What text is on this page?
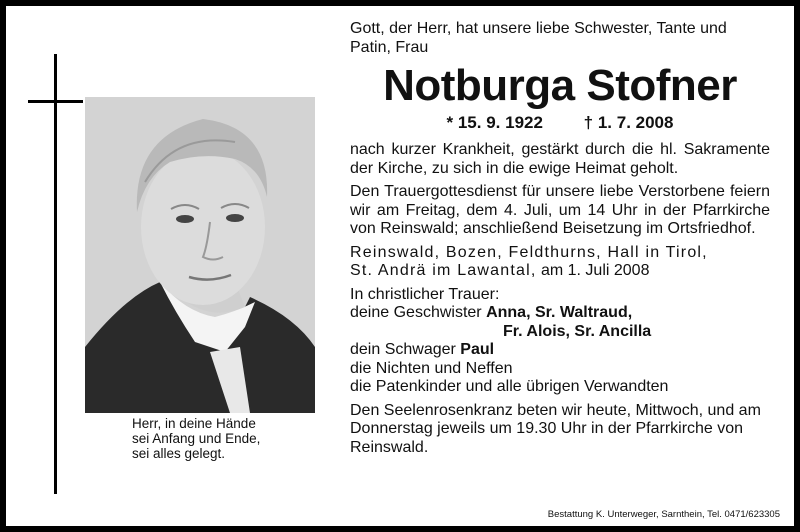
Herr, in deine Hände
sei Anfang und Ende,
sei alles gelegt.

Gott, der Herr, hat unsere liebe Schwester, Tante und Patin, Frau

Notburga Stofner
* 15. 9. 1922 † 1. 7. 2008

nach kurzer Krankheit, gestärkt durch die hl. Sakramente der Kirche, zu sich in die ewige Heimat geholt.

Den Trauergottesdienst für unsere liebe Verstorbene feiern wir am Freitag, dem 4. Juli, um 14 Uhr in der Pfarrkirche von Reinswald; anschließend Beisetzung im Ortsfriedhof.

Reinswald, Bozen, Feldthurns, Hall in Tirol,
St. Andrä im Lawantal, am 1. Juli 2008

In christlicher Trauer:
deine Geschwister Anna, Sr. Waltraud,
Fr. Alois, Sr. Ancilla
dein Schwager Paul
die Nichten und Neffen
die Patenkinder und alle übrigen Verwandten

Den Seelenrosenkranz beten wir heute, Mittwoch, und am Donnerstag jeweils um 19.30 Uhr in der Pfarrkirche von Reinswald.

Bestattung K. Unterweger, Sarnthein, Tel. 0471/623305
